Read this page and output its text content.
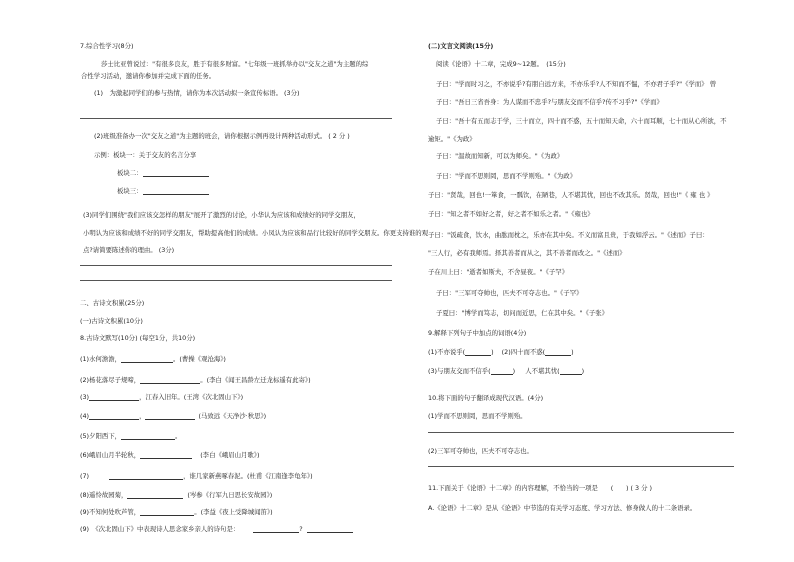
7.综合性学习(8分)
莎士比亚曾说过："有很多良友，胜于有很多财富。"七年级一班抓举办以"交友之道"为主题的综
合性学习活动，邀请你参加并完成下面的任务。
(1)　为激起同学们的参与热情，请你为本次活动拟一条宣传标语。 (3分)
(2)班级准备办一次"交友之道"为主题的班会，请你根据示例再设计两种活动形式。 ( 2 分 )
示例：板块一：关于交友的名言分享
板块二：
板块三：
(3)同学们围绕"我们应该交怎样的朋友"展开了激烈的讨论，小华认为应该和成绩好的同学交朋友，
小明认为应该和成绩不好的同学交朋友，帮助提高他们的成绩。小凤认为应该和品行比较好的同学交朋友。你更支持谁的观
点?请简要陈述你的理由。 (3分)
二、古诗文积累(25分)
(一)古诗文积累(10分)
8.古诗文默写(10分) (每空1分，共10分)
(1)水何澹澹，	。(曹操《观沧海》)
(2)杨花落尽子规啼，	。(李白《闻王昌龄左迁龙标遥有此寄》)
(3)	，江春入旧年。(王湾《次北固山下》)
(4)	，	(马致远《天净沙·秋思》)
(5)夕阳西下，	。
(6)峨眉山月半轮秋，	(李白《峨眉山月歌》)
(7)	，谁几家新燕啄春泥。(杜甫《江南逢李龟年》)
(8)遥怜故园菊，	(岑参《行军九日思长安故园》)
(9)不知何处吹芦管，	。(李益《夜上受降城闻笛》)
(9)　《次北固山下》中表现诗人思念家乡亲人的诗句是：	?
(二)文言文阅读(15分)
阅读《论语》十二章，完成9~12题。　(15分)
子曰："学而时习之，不亦说乎?有朋自远方来，不亦乐乎?人不知而不愠，不亦君子乎?"《学而》 曾
子曰："吾日三省吾身：为人谋而不忠乎?与朋友交而不信乎?传不习乎?"《学而》
子曰："吾十有五而志于学，三十而立，四十而不惑，五十而知天命，六十而耳顺，七十而从心所欲，不
逾矩。"《为政》
子曰："温故而知新，可以为师矣。"《为政》
子曰："学而不思则罔，思而不学则殆。"《为政》
子曰："贤哉，回也!一箪食，一瓢饮，在陋巷，人不堪其忧，回也不改其乐。贤哉，回也!"《 雍 也 》
子曰："知之者不如好之者，好之者不如乐之者。"《雍也》
子曰："饭疏食，饮水，曲肱而枕之，乐亦在其中矣。不义而富且贵，于我如浮云。"《述而》子曰：
"三人行，必有我师焉。择其善者而从之，其不善者而改之。"《述而》
子在川上曰："逝者如斯夫，不舍昼夜。"《子罕》
子曰："三军可夺帅也，匹夫不可夺志也。"《子罕》
子夏曰："博学而笃志，切问而近思，仁在其中矣。"《子张》
9.解释下列句子中加点的词语(4分)
(1)不亦说乎(	) (2)四十而不惑(	)
(3)与朋友交而不信乎(	) 人不堪其忧(	)
10.将下面的句子翻译成现代汉语。(4分)
(1)学而不思则罔，思而不学则殆。
(2)三军可夺帅也，匹夫不可夺志也。
11.下面关于《论语》十二章》的内容理解，不恰当的一项是　　(　　) ( 3 分 )
A.《论语》十二章》是从《论语》中节选的有关学习态度、学习方法、修身做人的十二条语录。
